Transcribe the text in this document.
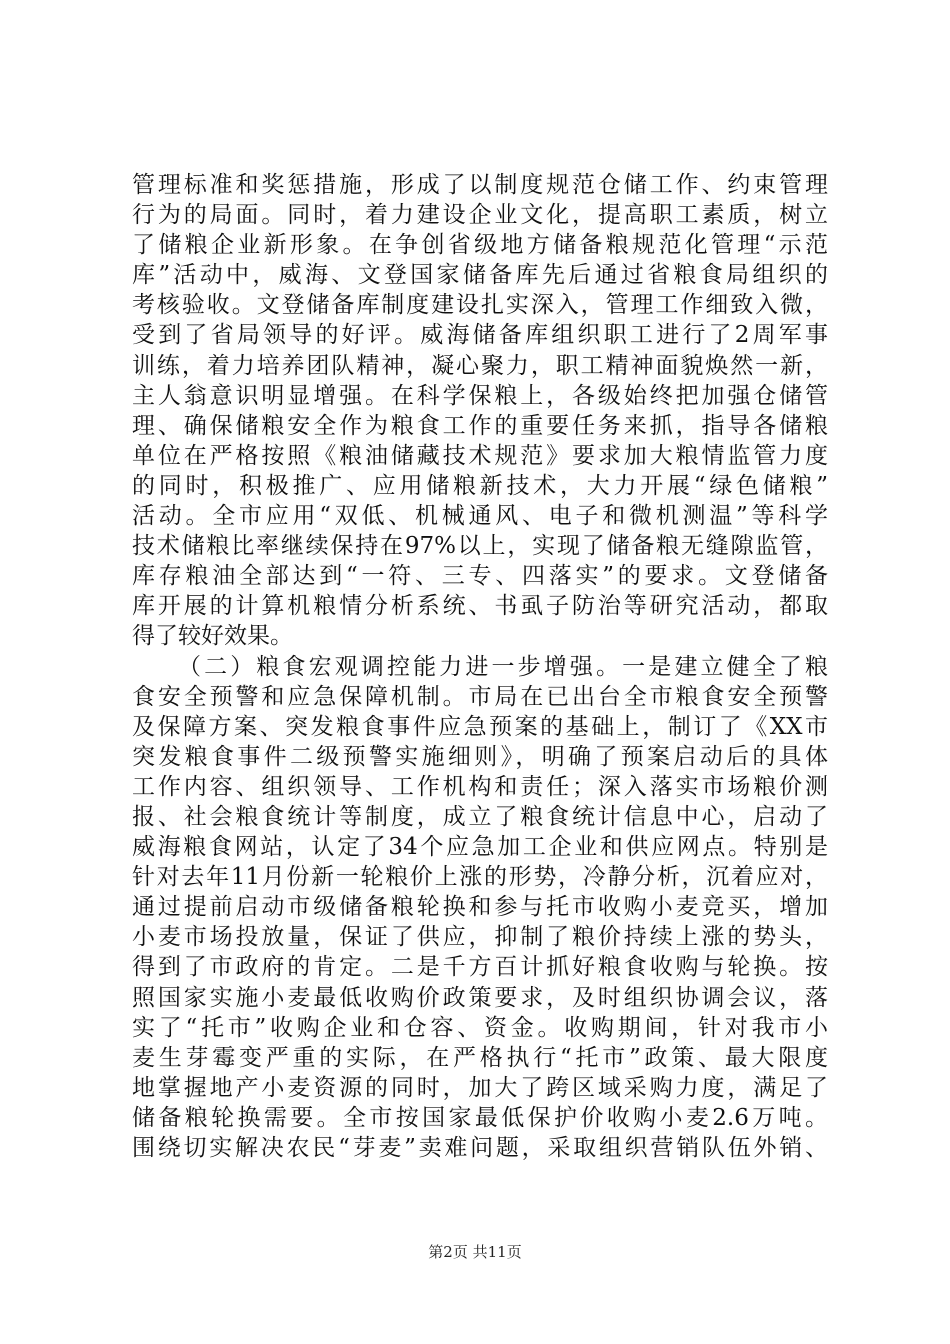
管理标准和奖惩措施，形成了以制度规范仓储工作、约束管理
行为的局面。同时，着力建设企业文化，提高职工素质，树立
了储粮企业新形象。在争创省级地方储备粮规范化管理“示范
库”活动中，威海、文登国家储备库先后通过省粮食局组织的
考核验收。文登储备库制度建设扎实深入，管理工作细致入微，
受到了省局领导的好评。威海储备库组织职工进行了2周军事
训练，着力培养团队精神，凝心聚力，职工精神面貌焕然一新，
主人翁意识明显增强。在科学保粮上，各级始终把加强仓储管
理、确保储粮安全作为粮食工作的重要任务来抓，指导各储粮
单位在严格按照《粮油储藏技术规范》要求加大粮情监管力度
的同时，积极推广、应用储粮新技术，大力开展“绿色储粮”
活动。全市应用“双低、机械通风、电子和微机测温”等科学
技术储粮比率继续保持在97%以上，实现了储备粮无缝隙监管，
库存粮油全部达到“一符、三专、四落实”的要求。文登储备
库开展的计算机粮情分析系统、书虱子防治等研究活动，都取
得了较好效果。
（二）粮食宏观调控能力进一步增强。一是建立健全了粮
食安全预警和应急保障机制。市局在已出台全市粮食安全预警
及保障方案、突发粮食事件应急预案的基础上，制订了《XX市
突发粮食事件二级预警实施细则》，明确了预案启动后的具体
工作内容、组织领导、工作机构和责任；深入落实市场粮价测
报、社会粮食统计等制度，成立了粮食统计信息中心，启动了
威海粮食网站，认定了34个应急加工企业和供应网点。特别是
针对去年11月份新一轮粮价上涨的形势，冷静分析，沉着应对，
通过提前启动市级储备粮轮换和参与托市收购小麦竞买，增加
小麦市场投放量，保证了供应，抑制了粮价持续上涨的势头，
得到了市政府的肯定。二是千方百计抓好粮食收购与轮换。按
照国家实施小麦最低收购价政策要求，及时组织协调会议，落
实了“托市”收购企业和仓容、资金。收购期间，针对我市小
麦生芽霉变严重的实际，在严格执行“托市”政策、最大限度
地掌握地产小麦资源的同时，加大了跨区域采购力度，满足了
储备粮轮换需要。全市按国家最低保护价收购小麦2.6万吨。
围绕切实解决农民“芽麦”卖难问题，采取组织营销队伍外销、
第2页 共11页
